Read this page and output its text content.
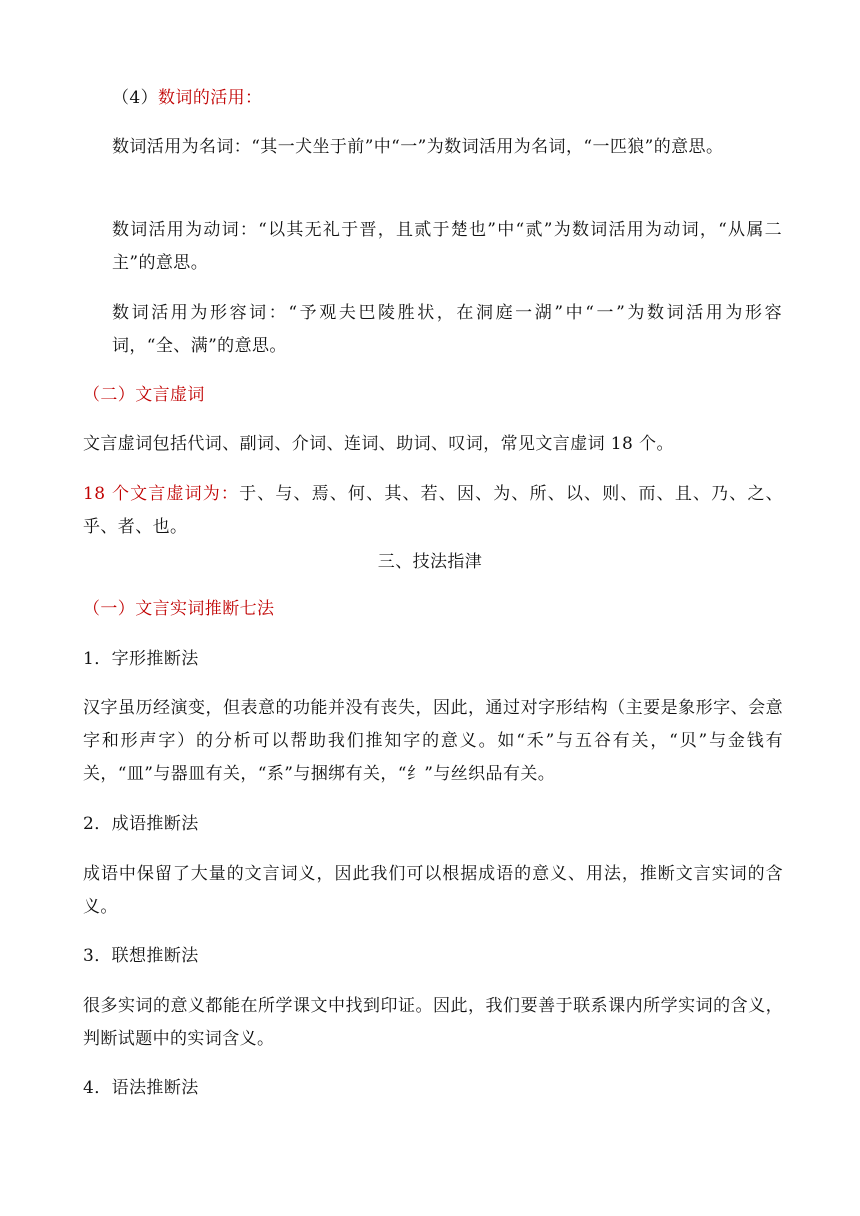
（4）数词的活用：

数词活用为名词：“其一犬坐于前”中“一”为数词活用为名词，“一匹狼”的意思。

数词活用为动词：“以其无礼于晋，且贰于楚也”中“贰”为数词活用为动词，“从属二主”的意思。

数词活用为形容词：“予观夫巴陵胜状，在洞庭一湖”中“一”为数词活用为形容词，“全、满”的意思。

（二）文言虚词

文言虚词包括代词、副词、介词、连词、助词、叹词，常见文言虚词 18 个。

18 个文言虚词为：于、与、焉、何、其、若、因、为、所、以、则、而、且、乃、之、乎、者、也。

三、技法指津

（一）文言实词推断七法

1．字形推断法

汉字虽历经演变，但表意的功能并没有丧失，因此，通过对字形结构（主要是象形字、会意字和形声字）的分析可以帮助我们推知字的意义。如“禾”与五谷有关，“贝”与金钱有关，“皿”与器皿有关，“系”与捆绑有关，“纟”与丝织品有关。

2．成语推断法

成语中保留了大量的文言词义，因此我们可以根据成语的意义、用法，推断文言实词的含义。

3．联想推断法

很多实词的意义都能在所学课文中找到印证。因此，我们要善于联系课内所学实词的含义，判断试题中的实词含义。

4．语法推断法
